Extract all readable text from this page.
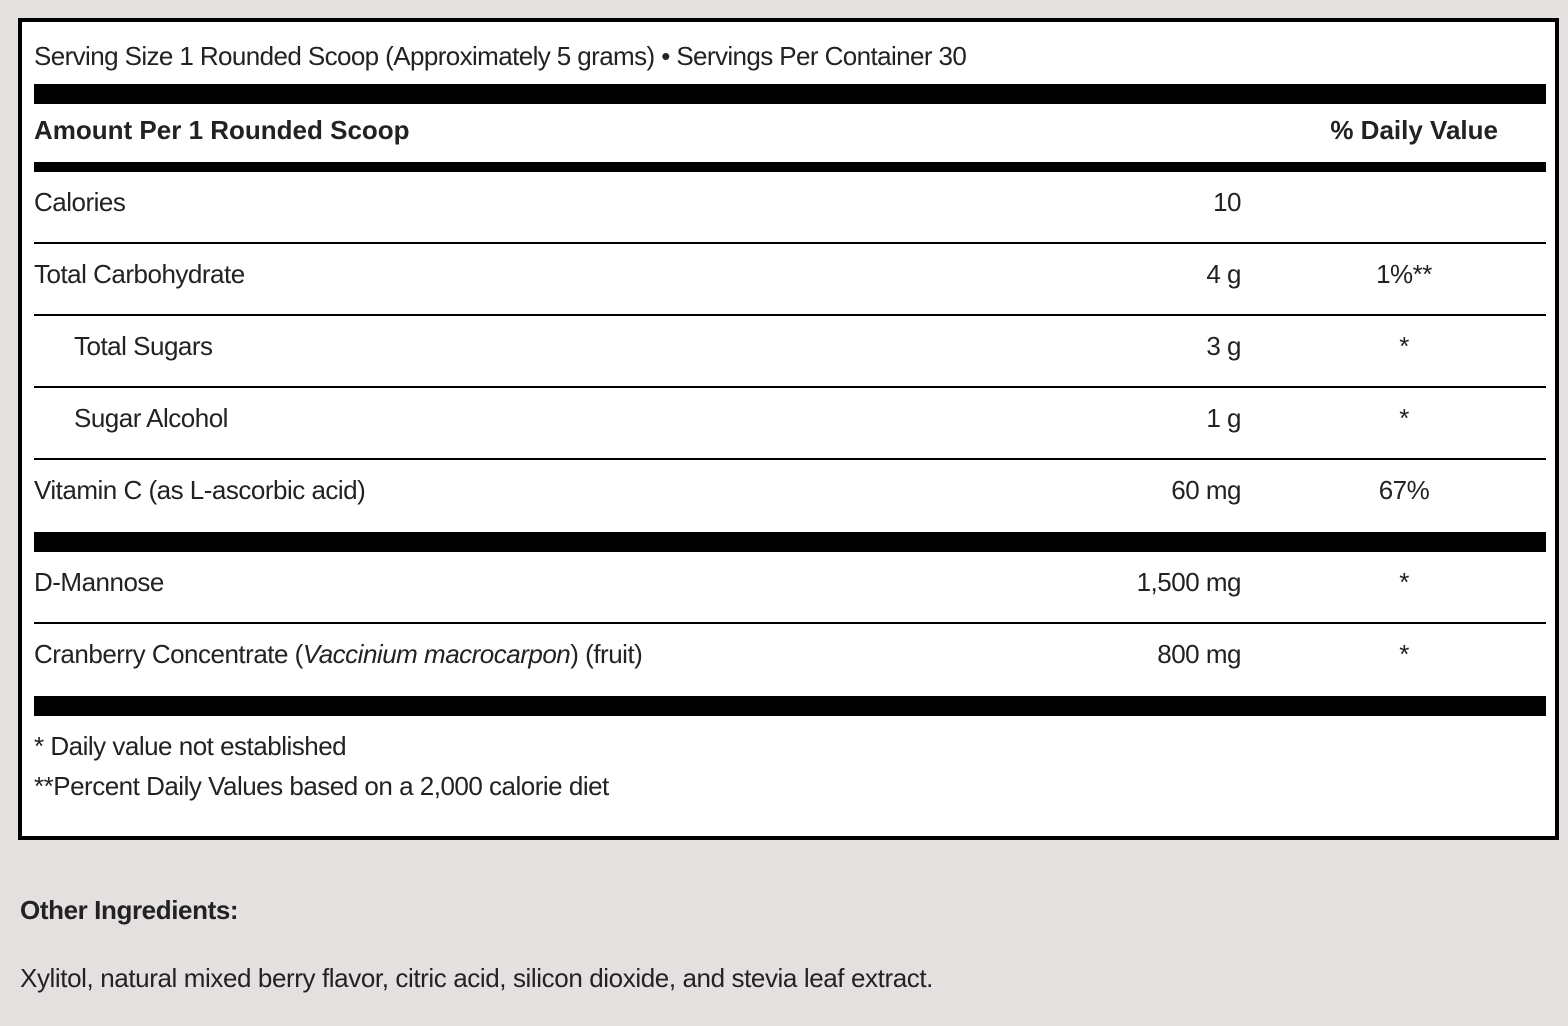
Serving Size 1 Rounded Scoop (Approximately 5 grams) • Servings Per Container 30
Amount Per 1 Rounded Scoop	% Daily Value
Calories	10
Total Carbohydrate	4 g	1%**
Total Sugars	3 g	*
Sugar Alcohol	1 g	*
Vitamin C (as L-ascorbic acid)	60 mg	67%
D-Mannose	1,500 mg	*
Cranberry Concentrate (Vaccinium macrocarpon) (fruit)	800 mg	*
* Daily value not established
**Percent Daily Values based on a 2,000 calorie diet
Other Ingredients:
Xylitol, natural mixed berry flavor, citric acid, silicon dioxide, and stevia leaf extract.
